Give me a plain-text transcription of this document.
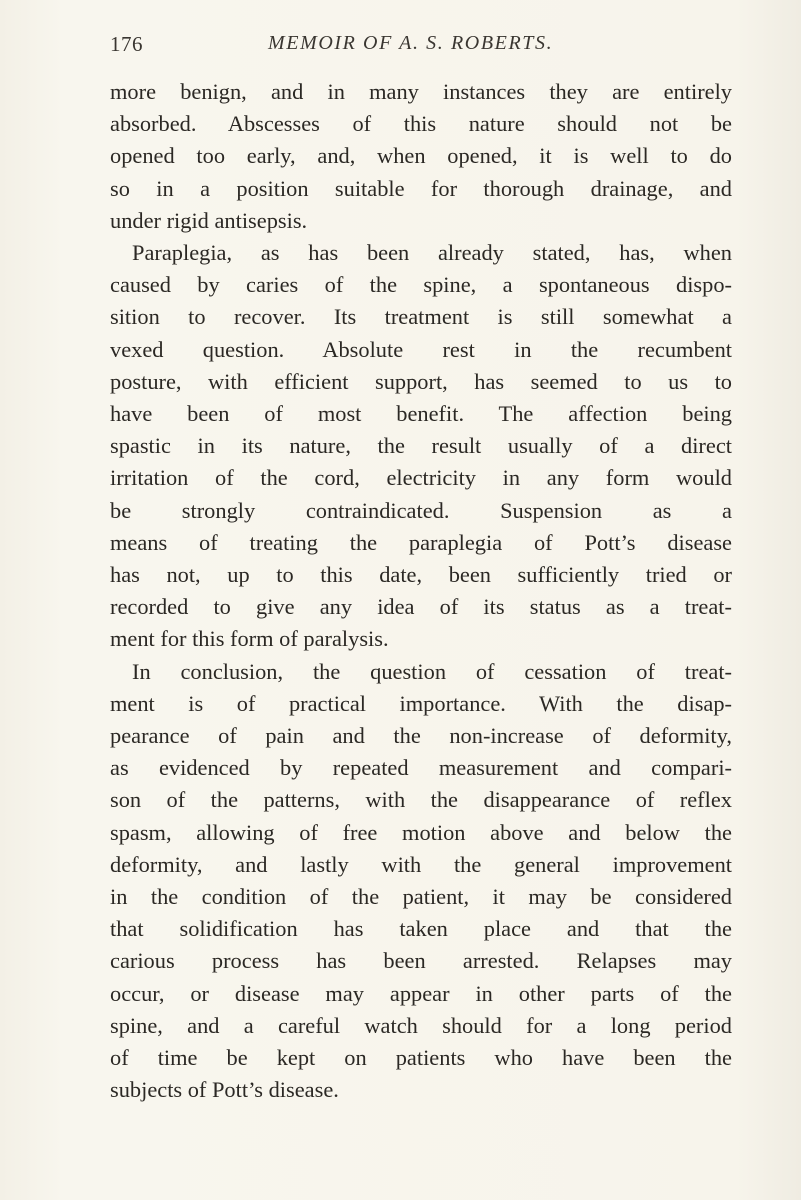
176	MEMOIR OF A. S. ROBERTS.
more benign, and in many instances they are entirely
absorbed. Abscesses of this nature should not be
opened too early, and, when opened, it is well to do
so in a position suitable for thorough drainage, and
under rigid antisepsis.
Paraplegia, as has been already stated, has, when
caused by caries of the spine, a spontaneous dispo-
sition to recover. Its treatment is still somewhat a
vexed question. Absolute rest in the recumbent
posture, with efficient support, has seemed to us to
have been of most benefit. The affection being
spastic in its nature, the result usually of a direct
irritation of the cord, electricity in any form would
be strongly contraindicated. Suspension as a
means of treating the paraplegia of Pott’s disease
has not, up to this date, been sufficiently tried or
recorded to give any idea of its status as a treat-
ment for this form of paralysis.
In conclusion, the question of cessation of treat-
ment is of practical importance. With the disap-
pearance of pain and the non-increase of deformity,
as evidenced by repeated measurement and compari-
son of the patterns, with the disappearance of reflex
spasm, allowing of free motion above and below the
deformity, and lastly with the general improvement
in the condition of the patient, it may be considered
that solidification has taken place and that the
carious process has been arrested. Relapses may
occur, or disease may appear in other parts of the
spine, and a careful watch should for a long period
of time be kept on patients who have been the
subjects of Pott’s disease.
